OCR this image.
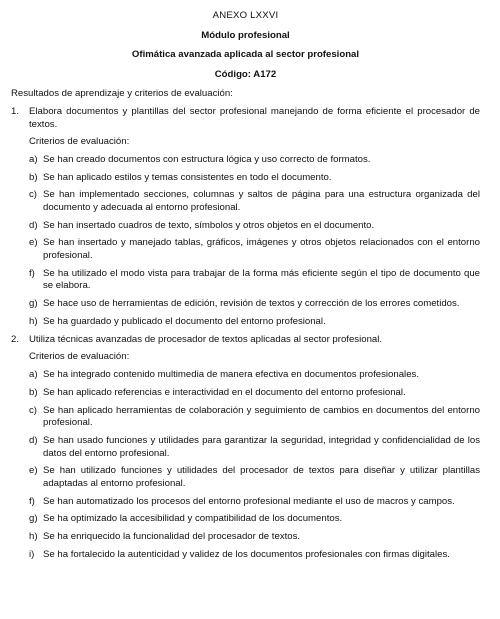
ANEXO LXXVI
Módulo profesional
Ofimática avanzada aplicada al sector profesional
Código: A172
Resultados de aprendizaje y criterios de evaluación:
1.	Elabora documentos y plantillas del sector profesional manejando de forma eficiente el procesador de textos.
Criterios de evaluación:
a) Se han creado documentos con estructura lógica y uso correcto de formatos.
b) Se han aplicado estilos y temas consistentes en todo el documento.
c) Se han implementado secciones, columnas y saltos de página para una estructura organizada del documento y adecuada al entorno profesional.
d) Se han insertado cuadros de texto, símbolos y otros objetos en el documento.
e) Se han insertado y manejado tablas, gráficos, imágenes y otros objetos relacionados con el entorno profesional.
f) Se ha utilizado el modo vista para trabajar de la forma más eficiente según el tipo de documento que se elabora.
g) Se hace uso de herramientas de edición, revisión de textos y corrección de los errores cometidos.
h) Se ha guardado y publicado el documento del entorno profesional.
2.	Utiliza técnicas avanzadas de procesador de textos aplicadas al sector profesional.
Criterios de evaluación:
a) Se ha integrado contenido multimedia de manera efectiva en documentos profesionales.
b) Se han aplicado referencias e interactividad en el documento del entorno profesional.
c) Se han aplicado herramientas de colaboración y seguimiento de cambios en documentos del entorno profesional.
d) Se han usado funciones y utilidades para garantizar la seguridad, integridad y confidencialidad de los datos del entorno profesional.
e) Se han utilizado funciones y utilidades del procesador de textos para diseñar y utilizar plantillas adaptadas al entorno profesional.
f) Se han automatizado los procesos del entorno profesional mediante el uso de macros y campos.
g) Se ha optimizado la accesibilidad y compatibilidad de los documentos.
h) Se ha enriquecido la funcionalidad del procesador de textos.
i) Se ha fortalecido la autenticidad y validez de los documentos profesionales con firmas digitales.
